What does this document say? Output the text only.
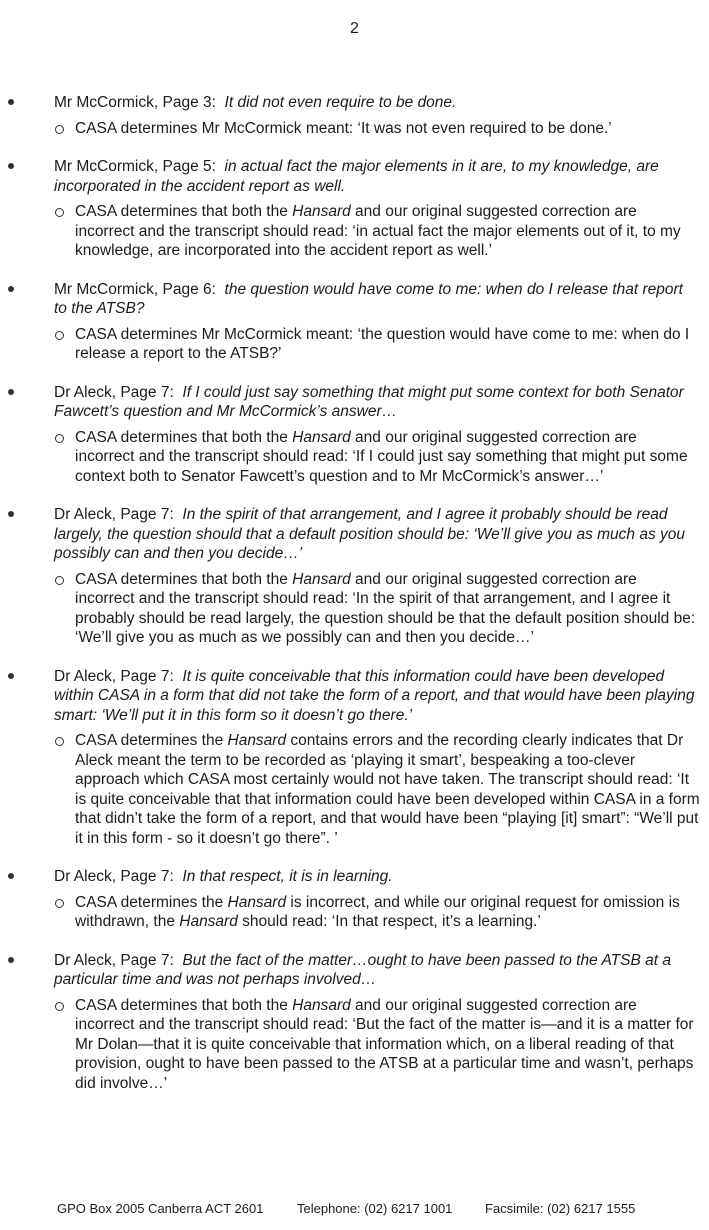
2
Mr McCormick, Page 3: It did not even require to be done.
CASA determines Mr McCormick meant: ‘It was not even required to be done.’
Mr McCormick, Page 5: in actual fact the major elements in it are, to my knowledge, are incorporated in the accident report as well.
CASA determines that both the Hansard and our original suggested correction are incorrect and the transcript should read: ‘in actual fact the major elements out of it, to my knowledge, are incorporated into the accident report as well.’
Mr McCormick, Page 6: the question would have come to me: when do I release that report to the ATSB?
CASA determines Mr McCormick meant: ‘the question would have come to me: when do I release a report to the ATSB?’
Dr Aleck, Page 7: If I could just say something that might put some context for both Senator Fawcett’s question and Mr McCormick’s answer…
CASA determines that both the Hansard and our original suggested correction are incorrect and the transcript should read: ‘If I could just say something that might put some context both to Senator Fawcett’s question and to Mr McCormick’s answer…’
Dr Aleck, Page 7: In the spirit of that arrangement, and I agree it probably should be read largely, the question should that a default position should be: ‘We’ll give you as much as you possibly can and then you decide…’
CASA determines that both the Hansard and our original suggested correction are incorrect and the transcript should read: ‘In the spirit of that arrangement, and I agree it probably should be read largely, the question should be that the default position should be: ‘We’ll give you as much as we possibly can and then you decide…’
Dr Aleck, Page 7: It is quite conceivable that this information could have been developed within CASA in a form that did not take the form of a report, and that would have been playing smart: ‘We’ll put it in this form so it doesn’t go there.’
CASA determines the Hansard contains errors and the recording clearly indicates that Dr Aleck meant the term to be recorded as ‘playing it smart’, bespeaking a too-clever approach which CASA most certainly would not have taken. The transcript should read: ‘It is quite conceivable that that information could have been developed within CASA in a form that didn’t take the form of a report, and that would have been “playing [it] smart”: “We’ll put it in this form - so it doesn’t go there”. ’
Dr Aleck, Page 7: In that respect, it is in learning.
CASA determines the Hansard is incorrect, and while our original request for omission is withdrawn, the Hansard should read: ‘In that respect, it’s a learning.’
Dr Aleck, Page 7: But the fact of the matter…ought to have been passed to the ATSB at a particular time and was not perhaps involved…
CASA determines that both the Hansard and our original suggested correction are incorrect and the transcript should read: ‘But the fact of the matter is—and it is a matter for Mr Dolan—that it is quite conceivable that information which, on a liberal reading of that provision, ought to have been passed to the ATSB at a particular time and wasn’t, perhaps did involve…’
GPO Box 2005 Canberra ACT 2601	Telephone: (02) 6217 1001	Facsimile: (02) 6217 1555
